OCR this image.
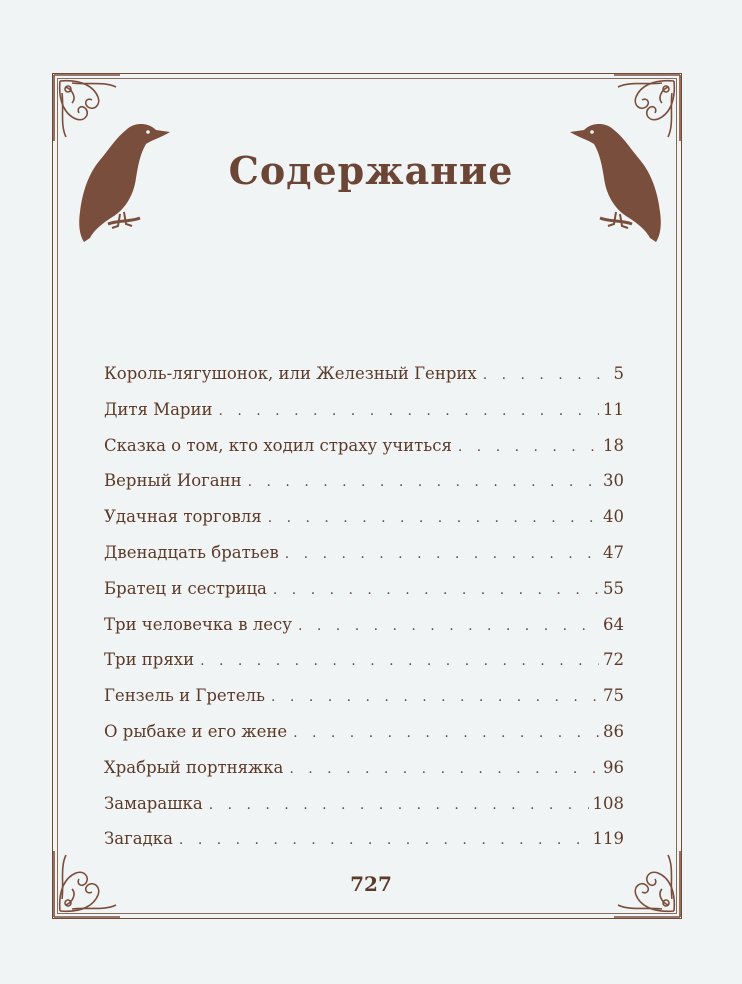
Содержание
Король-лягушонок, или Железный Генрих . . .	5
Дитя Марии . . .	11
Сказка о том, кто ходил страху учиться . . .	18
Верный Иоганн . . .	30
Удачная торговля . . .	40
Двенадцать братьев . . .	47
Братец и сестрица . . .	55
Три человечка в лесу . . .	64
Три пряхи . . .	72
Гензель и Гретель . . .	75
О рыбаке и его жене . . .	86
Храбрый портняжка . . .	96
Замарашка . . .	108
Загадка . . .	119
727
